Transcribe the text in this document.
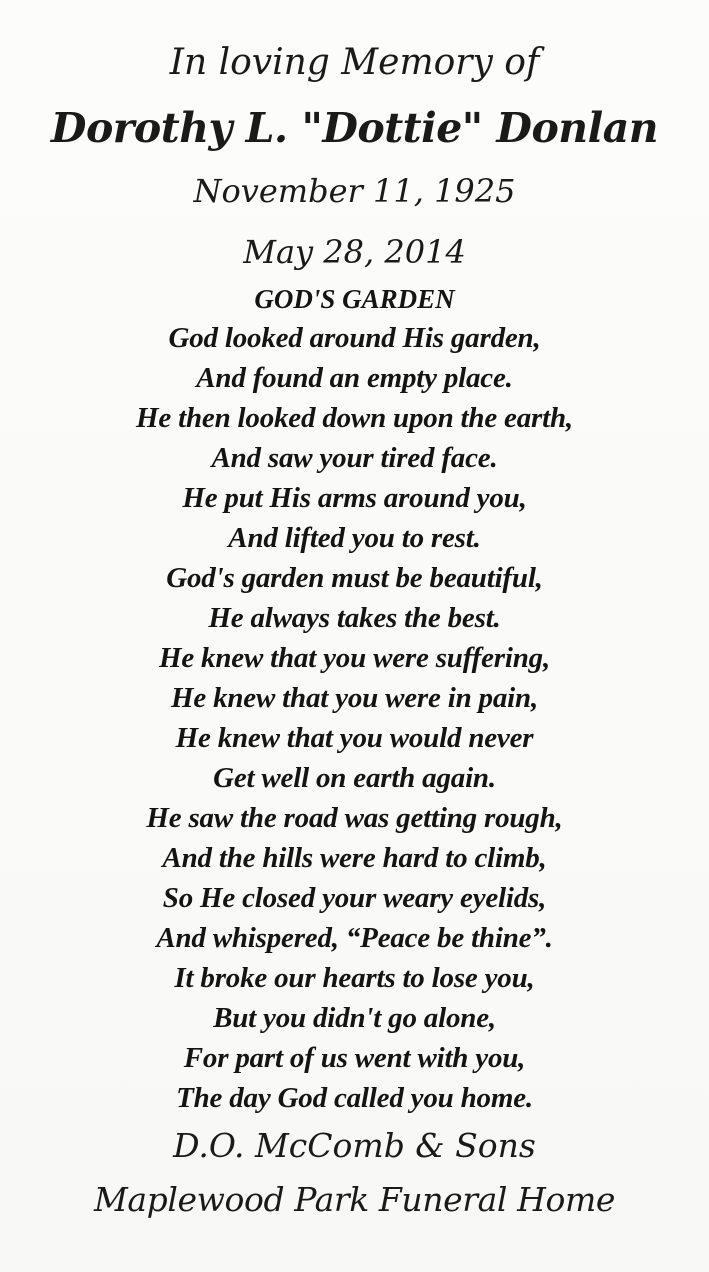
In loving Memory of

Dorothy L. "Dottie" Donlan

November 11, 1925

May 28, 2014

GOD'S GARDEN

God looked around His garden,

And found an empty place.

He then looked down upon the earth,

And saw your tired face.

He put His arms around you,

And lifted you to rest.

God's garden must be beautiful,

He always takes the best.

He knew that you were suffering,

He knew that you were in pain,

He knew that you would never

Get well on earth again.

He saw the road was getting rough,

And the hills were hard to climb,

So He closed your weary eyelids,

And whispered, “Peace be thine”.

It broke our hearts to lose you,

But you didn't go alone,

For part of us went with you,

The day God called you home.

D.O. McComb & Sons

Maplewood Park Funeral Home
